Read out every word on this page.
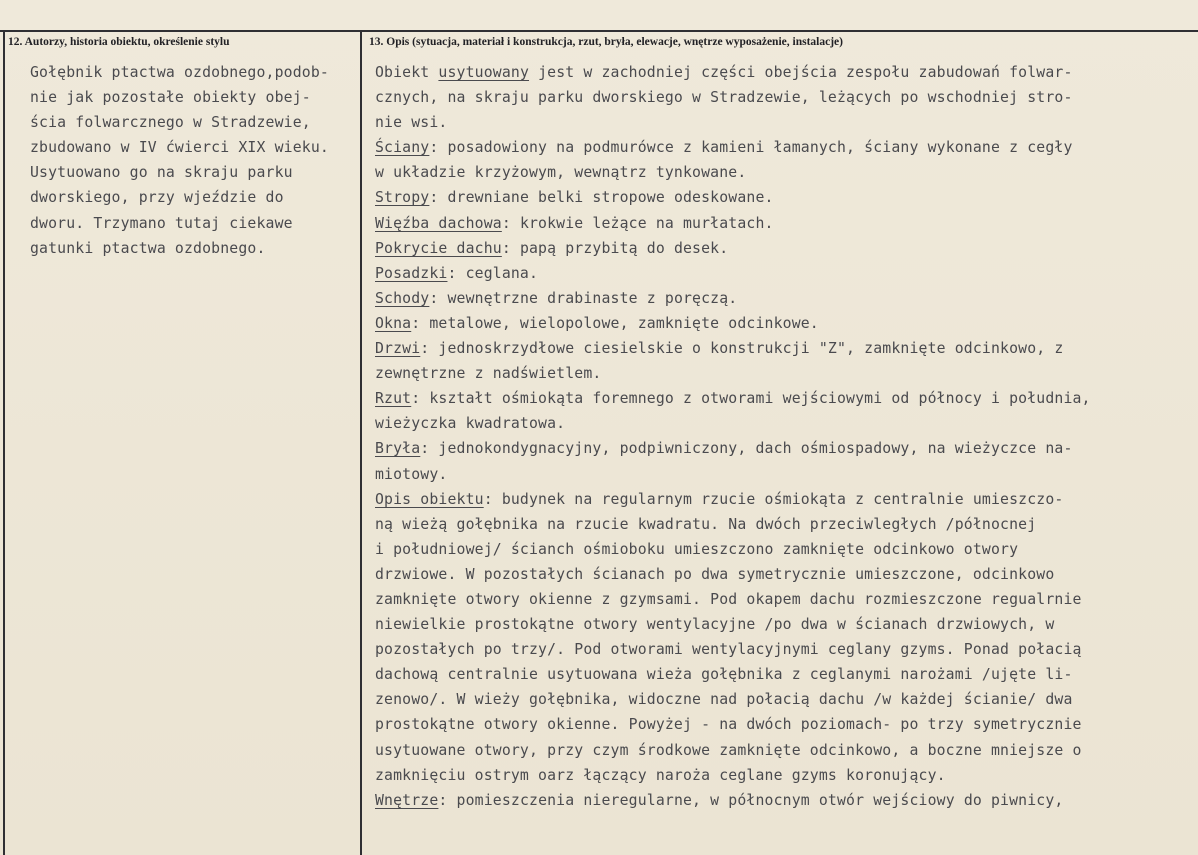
12. Autorzy, historia obiektu, określenie stylu	13. Opis (sytuacja, materiał i konstrukcja, rzut, bryła, elewacje, wnętrze wyposażenie, instalacje)
Gołębnik ptactwa ozdobnego,podob-
nie jak pozostałe obiekty obej-
ścia folwarcznego w Stradzewie,
zbudowano w IV ćwierci XIX wieku.
Usytuowano go na skraju parku
dworskiego, przy wjeździe do
dworu. Trzymano tutaj ciekawe
gatunki ptactwa ozdobnego.
Obiekt usytuowany jest w zachodniej części obejścia zespołu zabudowań folwar-
cznych, na skraju parku dworskiego w Stradzewie, leżących po wschodniej stro-
nie wsi.
Ściany: posadowiony na podmurówce z kamieni łamanych, ściany wykonane z cegły
w układzie krzyżowym, wewnątrz tynkowane.
Stropy: drewniane belki stropowe odeskowane.
Więźba dachowa: krokwie leżące na murłatach.
Pokrycie dachu: papą przybitą do desek.
Posadzki: ceglana.
Schody: wewnętrzne drabinaste z poręczą.
Okna: metalowe, wielopolowe, zamknięte odcinkowe.
Drzwi: jednoskrzydłowe ciesielskie o konstrukcji "Z", zamknięte odcinkowo, z
zewnętrzne z nadświetlem.
Rzut: kształt ośmiokąta foremnego z otworami wejściowymi od północy i południa,
wieżyczka kwadratowa.
Bryła: jednokondygnacyjny, podpiwniczony, dach ośmiospadowy, na wieżyczce na-
miotowy.
Opis obiektu: budynek na regularnym rzucie ośmiokąta z centralnie umieszczo-
ną wieżą gołębnika na rzucie kwadratu. Na dwóch przeciwległych /północnej
i południowej/ ścianch ośmioboku umieszczono zamknięte odcinkowo otwory
drzwiowe. W pozostałych ścianach po dwa symetrycznie umieszczone, odcinkowo
zamknięte otwory okienne z gzymsami. Pod okapem dachu rozmieszczone regualrnie
niewielkie prostokątne otwory wentylacyjne /po dwa w ścianach drzwiowych, w
pozostałych po trzy/. Pod otworami wentylacyjnymi ceglany gzyms. Ponad połacią
dachową centralnie usytuowana wieża gołębnika z ceglanymi narożami /ujęte li-
zenowo/. W wieży gołębnika, widoczne nad połacią dachu /w każdej ścianie/ dwa
prostokątne otwory okienne. Powyżej - na dwóch poziomach- po trzy symetrycznie
usytuowane otwory, przy czym środkowe zamknięte odcinkowo, a boczne mniejsze o
zamknięciu ostrym oarz łączący naroża ceglane gzyms koronujący.
Wnętrze: pomieszczenia nieregularne, w północnym otwór wejściowy do piwnicy,
